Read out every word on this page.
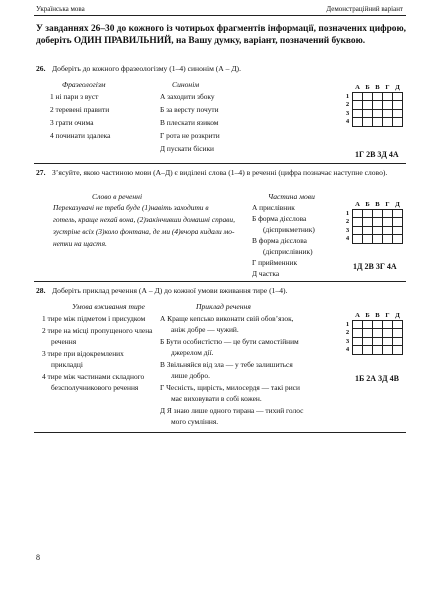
Українська мова	Демонстраційний варіант
У завданнях 26–30 до кожного із чотирьох фрагментів інформації, позначених цифрою, доберіть ОДИН ПРАВИЛЬНИЙ, на Вашу думку, варіант, позначений буквою.
26. Доберіть до кожного фразеологізму (1–4) синонім (А – Д).
Фразеологізм	Синонім
1 ні пари з вуст
2 теревені правити
3 грати очима
4 починати здалека
А заходити збоку
Б за версту почути
В плескати язиком
Г рота не розкрити
Д пускати бісики
	А	Б	В	Г	Д
1					
2					
3					
4					
1Г 2В 3Д 4А
27. З’ясуйте, якою частиною мови (А–Д) є виділені слова (1–4) в реченні (цифра позначає наступне слово).
Слово в реченні	Частина мови
Переказувачі не треба буде (1)навіть заходити в
готель, краще нехай вона, (2)закінчивши домашні справи,
зустріне всіх (3)коло фонтана, де ми (4)вчора кидали мо-
нетки на щастя.
А прислівник
Б форма дієслова
(дієприкметник)
В форма дієслова
(дієприслівник)
Г прийменник
Д частка
	А	Б	В	Г	Д
1					
2					
3					
4					
1Д 2В 3Г 4А
28. Доберіть приклад речення (А – Д) до кожної умови вживання тире (1–4).
Умова вживання тире	Приклад речення
1 тире між підметом і присудком
2 тире на місці пропущеного члена
речення
3 тире при відокремлених
прикладці
4 тире між частинами складного
безсполучникового речення
А Краще кепсько виконати свій обов’язок,
аніж добре — чужий.
Б Бути особистістю — це бути самостійним
джерелом дії.
В Звільняйся від зла — у тебе залишиться
лише добро.
Г Чесність, щирість, милосердя — такі риси
має виховувати в собі кожен.
Д Я знаю лише одного тирана — тихий голос
мого сумління.
	А	Б	В	Г	Д
1					
2					
3					
4					
1Б 2А 3Д 4В
8
